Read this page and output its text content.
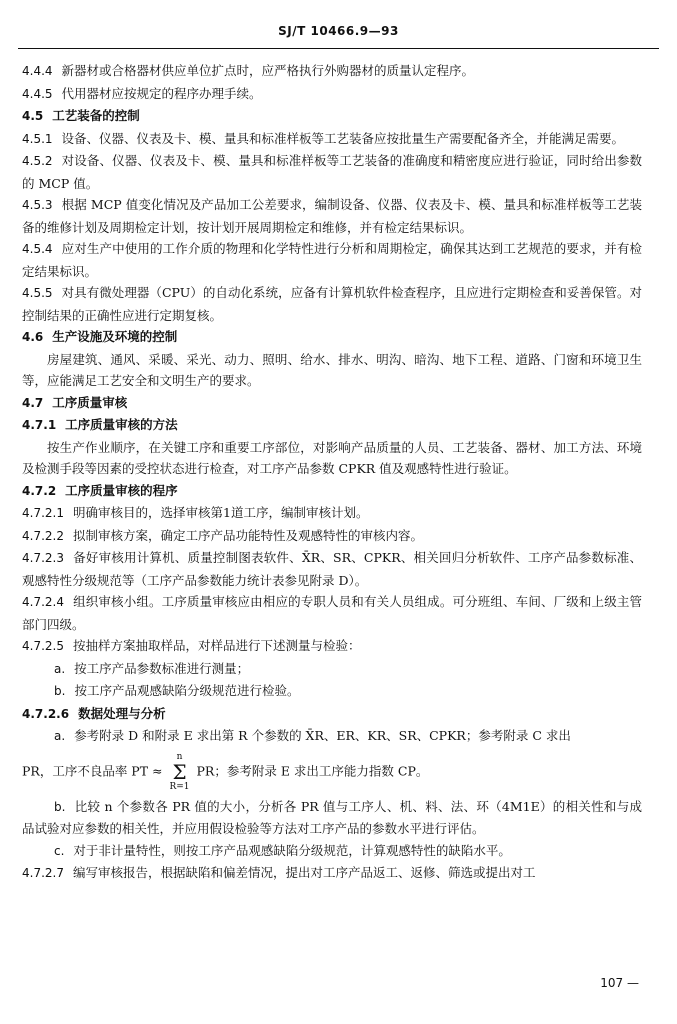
SJ/T 10466.9—93

4.4.4 新器材或合格器材供应单位扩点时，应严格执行外购器材的质量认定程序。

4.4.5 代用器材应按规定的程序办理手续。

4.5 工艺装备的控制

4.5.1 设备、仪器、仪表及卡、模、量具和标准样板等工艺装备应按批量生产需要配备齐全，并能满足需要。

4.5.2 对设备、仪器、仪表及卡、模、量具和标准样板等工艺装备的准确度和精密度应进行验证，同时给出参数的 MCP 值。

4.5.3 根据 MCP 值变化情况及产品加工公差要求，编制设备、仪器、仪表及卡、模、量具和标准样板等工艺装备的维修计划及周期检定计划，按计划开展周期检定和维修，并有检定结果标识。

4.5.4 应对生产中使用的工作介质的物理和化学特性进行分析和周期检定，确保其达到工艺规范的要求，并有检定结果标识。

4.5.5 对具有微处理器（CPU）的自动化系统，应备有计算机软件检查程序，且应进行定期检查和妥善保管。对控制结果的正确性应进行定期复核。

4.6 生产设施及环境的控制

房屋建筑、通风、采暖、采光、动力、照明、给水、排水、明沟、暗沟、地下工程、道路、门窗和环境卫生等，应能满足工艺安全和文明生产的要求。

4.7 工序质量审核

4.7.1 工序质量审核的方法

按生产作业顺序，在关键工序和重要工序部位，对影响产品质量的人员、工艺装备、器材、加工方法、环境及检测手段等因素的受控状态进行检查，对工序产品参数 CPKR 值及观感特性进行验证。

4.7.2 工序质量审核的程序

4.7.2.1 明确审核目的，选择审核第1道工序，编制审核计划。

4.7.2.2 拟制审核方案，确定工序产品功能特性及观感特性的审核内容。

4.7.2.3 备好审核用计算机、质量控制图表软件、X̄R、SR、CPKR、相关回归分析软件、工序产品参数标准、观感特性分级规范等（工序产品参数能力统计表参见附录 D）。

4.7.2.4 组织审核小组。工序质量审核应由相应的专职人员和有关人员组成。可分班组、车间、厂级和上级主管部门四级。

4.7.2.5 按抽样方案抽取样品，对样品进行下述测量与检验：

a. 按工序产品参数标准进行测量；

b. 按工序产品观感缺陷分级规范进行检验。

4.7.2.6 数据处理与分析

a. 参考附录 D 和附录 E 求出第 R 个参数的 X̄R、ER、KR、SR、CPKR；参考附录 C 求出

PR，工序不良品率 PT ≈ n
Σ
R=1 PR；参考附录 E 求出工序能力指数 CP。

b. 比较 n 个参数各 PR 值的大小，分析各 PR 值与工序人、机、料、法、环（4M1E）的相关性和与成品试验对应参数的相关性，并应用假设检验等方法对工序产品的参数水平进行评估。

c. 对于非计量特性，则按工序产品观感缺陷分级规范，计算观感特性的缺陷水平。

4.7.2.7 编写审核报告，根据缺陷和偏差情况，提出对工序产品返工、返修、筛选或提出对工

107 —
